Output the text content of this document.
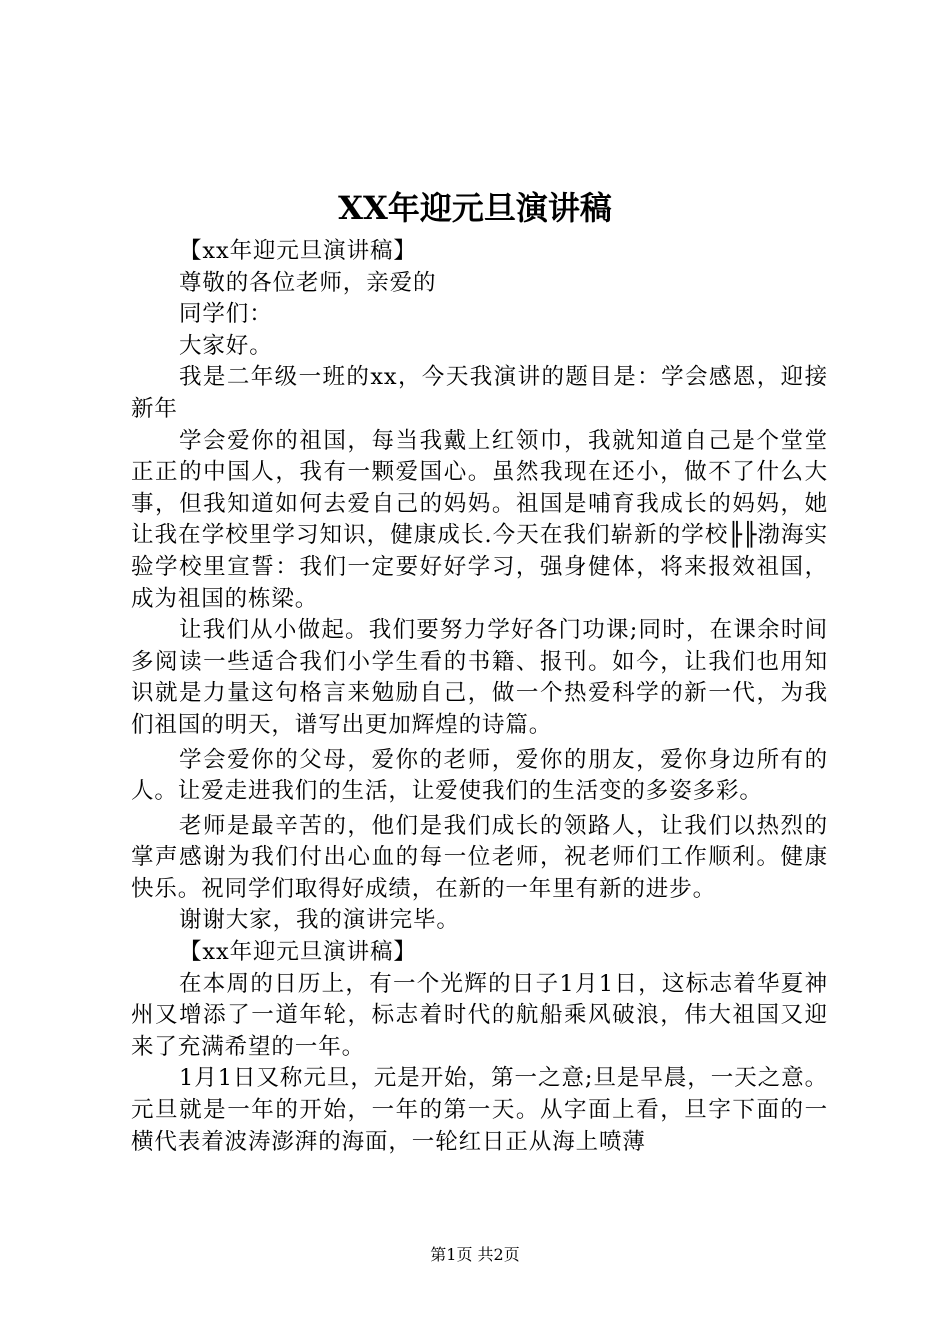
XX年迎元旦演讲稿

【xx年迎元旦演讲稿】

尊敬的各位老师，亲爱的

同学们：

大家好。

我是二年级一班的xx，今天我演讲的题目是：学会感恩，迎接新年

学会爱你的祖国，每当我戴上红领巾，我就知道自己是个堂堂正正的中国人，我有一颗爱国心。虽然我现在还小，做不了什么大事，但我知道如何去爱自己的妈妈。祖国是哺育我成长的妈妈，她让我在学校里学习知识，健康成长.今天在我们崭新的学校╟╟渤海实验学校里宣誓：我们一定要好好学习，强身健体，将来报效祖国，成为祖国的栋梁。

让我们从小做起。我们要努力学好各门功课;同时，在课余时间多阅读一些适合我们小学生看的书籍、报刊。如今，让我们也用知识就是力量这句格言来勉励自己，做一个热爱科学的新一代，为我们祖国的明天，谱写出更加辉煌的诗篇。

学会爱你的父母，爱你的老师，爱你的朋友，爱你身边所有的人。让爱走进我们的生活，让爱使我们的生活变的多姿多彩。

老师是最辛苦的，他们是我们成长的领路人，让我们以热烈的掌声感谢为我们付出心血的每一位老师，祝老师们工作顺利。健康快乐。祝同学们取得好成绩，在新的一年里有新的进步。

谢谢大家，我的演讲完毕。

【xx年迎元旦演讲稿】

在本周的日历上，有一个光辉的日子1月1日，这标志着华夏神州又增添了一道年轮，标志着时代的航船乘风破浪，伟大祖国又迎来了充满希望的一年。

1月1日又称元旦，元是开始，第一之意;旦是早晨，一天之意。元旦就是一年的开始，一年的第一天。从字面上看，旦字下面的一横代表着波涛澎湃的海面，一轮红日正从海上喷薄

第1页 共2页
